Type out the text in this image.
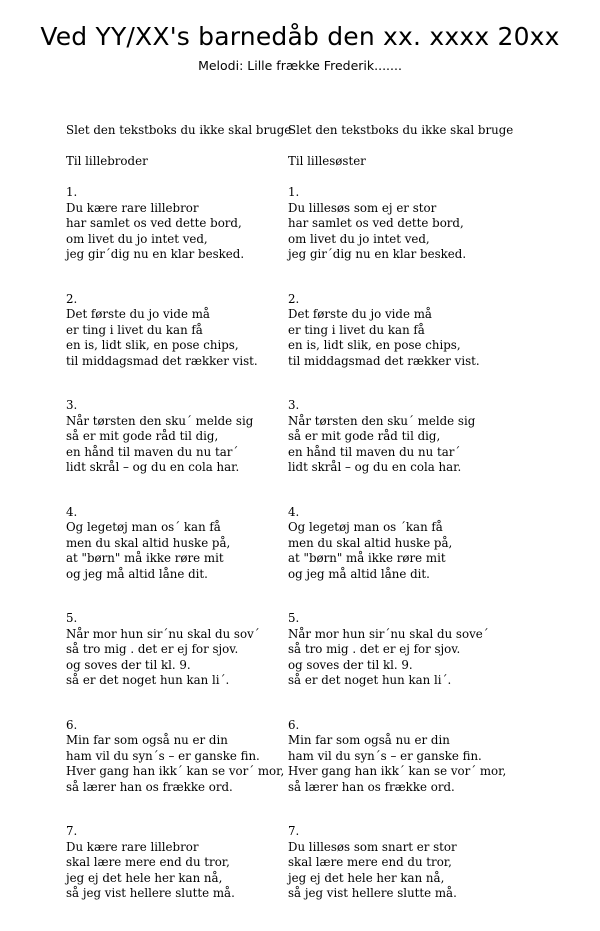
Ved YY/XX's barnedåb den xx. xxxx 20xx
Melodi: Lille frække Frederik.......
Slet den tekstboks du ikke skal bruge
Til lillebroder
1.
Du kære rare lillebror
har samlet os ved dette bord,
om livet du jo intet ved,
jeg gir´dig nu en klar besked.
2.
Det første du jo vide må
er ting i livet du kan få
en is, lidt slik, en pose chips,
til middagsmad det rækker vist.
3.
Når tørsten den sku´ melde sig
så er mit gode råd til dig,
en hånd til maven du nu tar´
lidt skrål – og du en cola har.
4.
Og legetøj man os´ kan få
men du skal altid huske på,
at "børn" må ikke røre mit
og jeg må altid låne dit.
5.
Når mor hun sir´nu skal du sov´
så tro mig . det er ej for sjov.
og soves der til kl. 9.
så er det noget hun kan li´.
6.
Min far som også nu er din
ham vil du syn´s – er ganske fin.
Hver gang han ikk´ kan se vor´ mor,
så lærer han os frække ord.
7.
Du kære rare lillebror
skal lære mere end du tror,
jeg ej det hele her kan nå,
så jeg vist hellere slutte må.
Slet den tekstboks du ikke skal bruge
Til lillesøster
1.
Du lillesøs som ej er stor
har samlet os ved dette bord,
om livet du jo intet ved,
jeg gir´dig nu en klar besked.
2.
Det første du jo vide må
er ting i livet du kan få
en is, lidt slik, en pose chips,
til middagsmad det rækker vist.
3.
Når tørsten den sku´ melde sig
så er mit gode råd til dig,
en hånd til maven du nu tar´
lidt skrål – og du en cola har.
4.
Og legetøj man os ´kan få
men du skal altid huske på,
at "børn" må ikke røre mit
og jeg må altid låne dit.
5.
Når mor hun sir´nu skal du sove´
så tro mig . det er ej for sjov.
og soves der til kl. 9.
så er det noget hun kan li´.
6.
Min far som også nu er din
ham vil du syn´s – er ganske fin.
Hver gang han ikk´ kan se vor´ mor,
så lærer han os frække ord.
7.
Du lillesøs som snart er stor
skal lære mere end du tror,
jeg ej det hele her kan nå,
så jeg vist hellere slutte må.
